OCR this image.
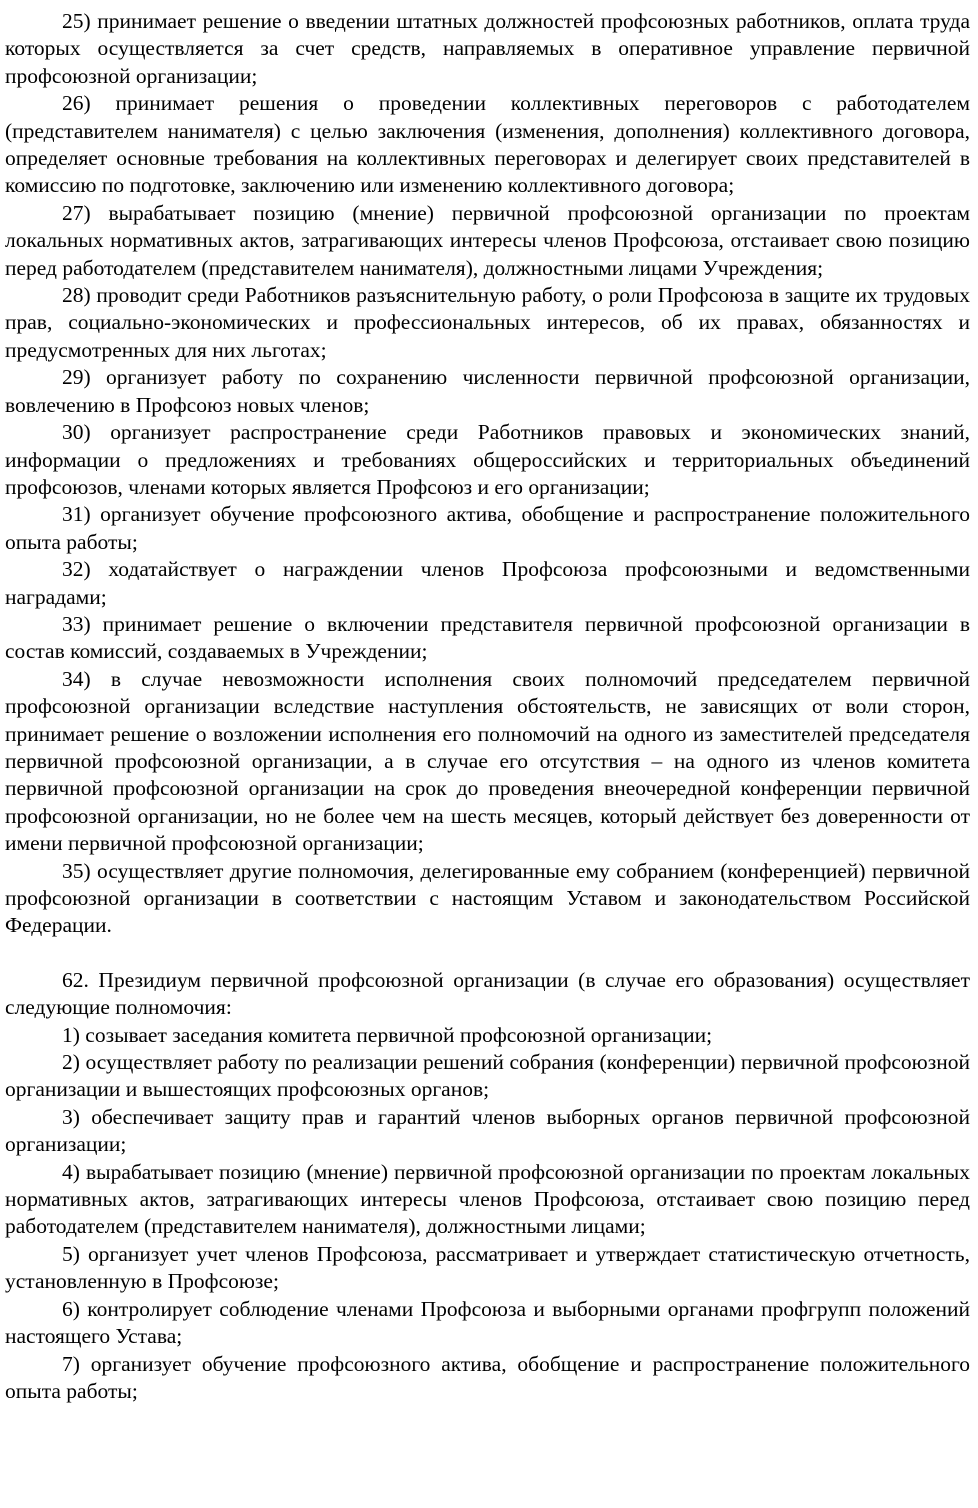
25) принимает решение о введении штатных должностей профсоюзных работников, оплата труда которых осуществляется за счет средств, направляемых в оперативное управление первичной профсоюзной организации;

26) принимает решения о проведении коллективных переговоров с работодателем (представителем нанимателя) с целью заключения (изменения, дополнения) коллективного договора, определяет основные требования на коллективных переговорах и делегирует своих представителей в комиссию по подготовке, заключению или изменению коллективного договора;

27) вырабатывает позицию (мнение) первичной профсоюзной организации по проектам локальных нормативных актов, затрагивающих интересы членов Профсоюза, отстаивает свою позицию перед работодателем (представителем нанимателя), должностными лицами Учреждения;

28) проводит среди Работников разъяснительную работу, о роли Профсоюза в защите их трудовых прав, социально-экономических и профессиональных интересов, об их правах, обязанностях и предусмотренных для них льготах;

29) организует работу по сохранению численности первичной профсоюзной организации, вовлечению в Профсоюз новых членов;

30) организует распространение среди Работников правовых и экономических знаний, информации о предложениях и требованиях общероссийских и территориальных объединений профсоюзов, членами которых является Профсоюз и его организации;

31) организует обучение профсоюзного актива, обобщение и распространение положительного опыта работы;

32) ходатайствует о награждении членов Профсоюза профсоюзными и ведомственными наградами;

33) принимает решение о включении представителя первичной профсоюзной организации в состав комиссий, создаваемых в Учреждении;

34) в случае невозможности исполнения своих полномочий председателем первичной профсоюзной организации вследствие наступления обстоятельств, не зависящих от воли сторон, принимает решение о возложении исполнения его полномочий на одного из заместителей председателя первичной профсоюзной организации, а в случае его отсутствия – на одного из членов комитета первичной профсоюзной организации на срок до проведения внеочередной конференции первичной профсоюзной организации, но не более чем на шесть месяцев, который действует без доверенности от имени первичной профсоюзной организации;

35) осуществляет другие полномочия, делегированные ему собранием (конференцией) первичной профсоюзной организации в соответствии с настоящим Уставом и законодательством Российской Федерации.

62. Президиум первичной профсоюзной организации (в случае его образования) осуществляет следующие полномочия:

1) созывает заседания комитета первичной профсоюзной организации;

2) осуществляет работу по реализации решений собрания (конференции) первичной профсоюзной организации и вышестоящих профсоюзных органов;

3) обеспечивает защиту прав и гарантий членов выборных органов первичной профсоюзной организации;

4) вырабатывает позицию (мнение) первичной профсоюзной организации по проектам локальных нормативных актов, затрагивающих интересы членов Профсоюза, отстаивает свою позицию перед работодателем (представителем нанимателя), должностными лицами;

5) организует учет членов Профсоюза, рассматривает и утверждает статистическую отчетность, установленную в Профсоюзе;

6) контролирует соблюдение членами Профсоюза и выборными органами профгрупп положений настоящего Устава;

7) организует обучение профсоюзного актива, обобщение и распространение положительного опыта работы;
